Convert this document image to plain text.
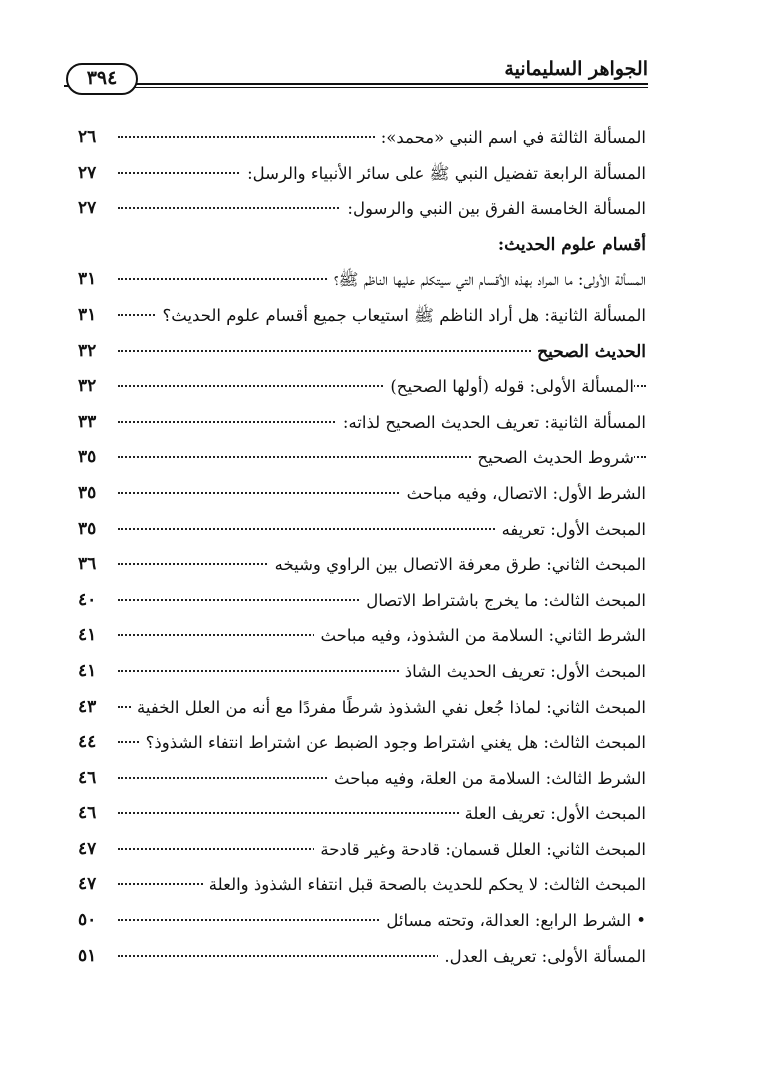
الجواهر السليمانية
٣٩٤
المسألة الثالثة في اسم النبي «محمد»:
٢٦
المسألة الرابعة تفضيل النبي ﷺ على سائر الأنبياء والرسل:
٢٧
المسألة الخامسة الفرق بين النبي والرسول:
٢٧
أقسام علوم الحديث:
المسألة الأولى: ما المراد بهذه الأقسام التي سيتكلم عليها الناظم ﷺ؟
٣١
المسألة الثانية: هل أراد الناظم ﷺ استيعاب جميع أقسام علوم الحديث؟
٣١
الحديث الصحيح
٣٢
المسألة الأولى: قوله (أولها الصحيح)
٣٢
المسألة الثانية: تعريف الحديث الصحيح لذاته:
٣٣
شروط الحديث الصحيح
٣٥
الشرط الأول: الاتصال، وفيه مباحث
٣٥
المبحث الأول: تعريفه
٣٥
المبحث الثاني: طرق معرفة الاتصال بين الراوي وشيخه
٣٦
المبحث الثالث: ما يخرج باشتراط الاتصال
٤٠
الشرط الثاني: السلامة من الشذوذ، وفيه مباحث
٤١
المبحث الأول: تعريف الحديث الشاذ
٤١
المبحث الثاني: لماذا جُعل نفي الشذوذ شرطًا مفردًا مع أنه من العلل الخفية
٤٣
المبحث الثالث: هل يغني اشتراط وجود الضبط عن اشتراط انتفاء الشذوذ؟
٤٤
الشرط الثالث: السلامة من العلة، وفيه مباحث
٤٦
المبحث الأول: تعريف العلة
٤٦
المبحث الثاني: العلل قسمان: قادحة وغير قادحة
٤٧
المبحث الثالث: لا يحكم للحديث بالصحة قبل انتفاء الشذوذ والعلة
٤٧
• الشرط الرابع: العدالة، وتحته مسائل
٥٠
المسألة الأولى: تعريف العدل.
٥١
